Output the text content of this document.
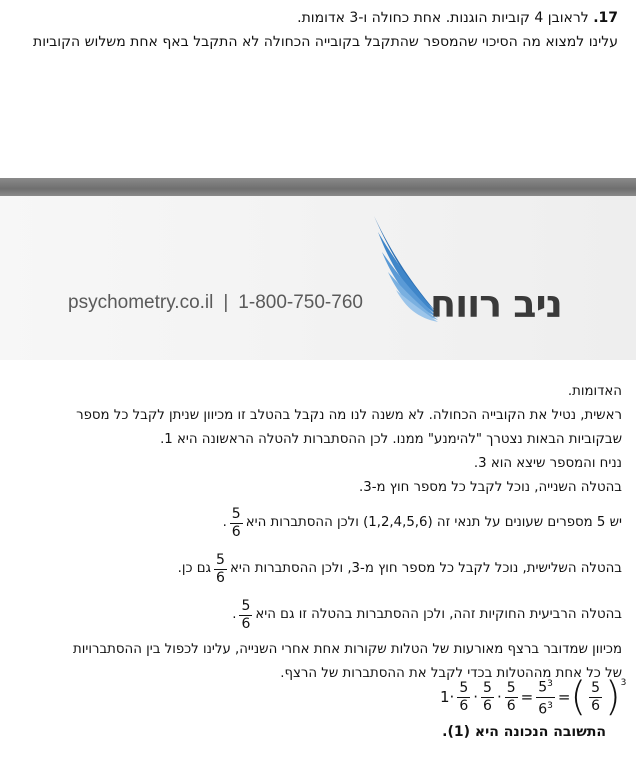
17. לראובן 4 קוביות הוגנות. אחת כחולה ו-3 אדומות.
עלינו למצוא מה הסיכוי שהמספר שהתקבל בקובייה הכחולה לא התקבל באף אחת משלוש הקוביות
psychometry.co.il | 1-800-750-760 ניב רווח
האדומות.
ראשית, נטיל את הקובייה הכחולה. לא משנה לנו מה נקבל בהטלב זו מכיוון שניתן לקבל כל מספר
שבקוביות הבאות נצטרך "להימנע" ממנו. לכן ההסתברות להטלה הראשונה היא 1.
נניח והמספר שיצא הוא 3.
בהטלה השנייה, נוכל לקבל כל מספר חוץ מ-3.
יש 5 מספרים שעונים על תנאי זה (1,2,4,5,6) ולכן ההסתברות היא
$\frac{5}{6}$
.
בהטלה השלישית, נוכל לקבל כל מספר חוץ מ-3, ולכן ההסתברות היא
$\frac{5}{6}$
גם כן.
בהטלה הרביעית החוקיות זהה, ולכן ההסתברות בהטלה זו גם היא
$\frac{5}{6}$
.
מכיוון שמדובר ברצף מאורעות של הטלות שקורות אחת אחרי השנייה, עלינו לכפול בין ההסתברויות
של כל אחת מההטלות בכדי לקבל את ההסתברות של הרצף.
$1 \cdot \frac{5}{6} \cdot \frac{5}{6} \cdot \frac{5}{6} = \frac{5^3}{6^3}$ = ( $\frac{5}{6} )^3$
התשובה הנכונה היא (1).
